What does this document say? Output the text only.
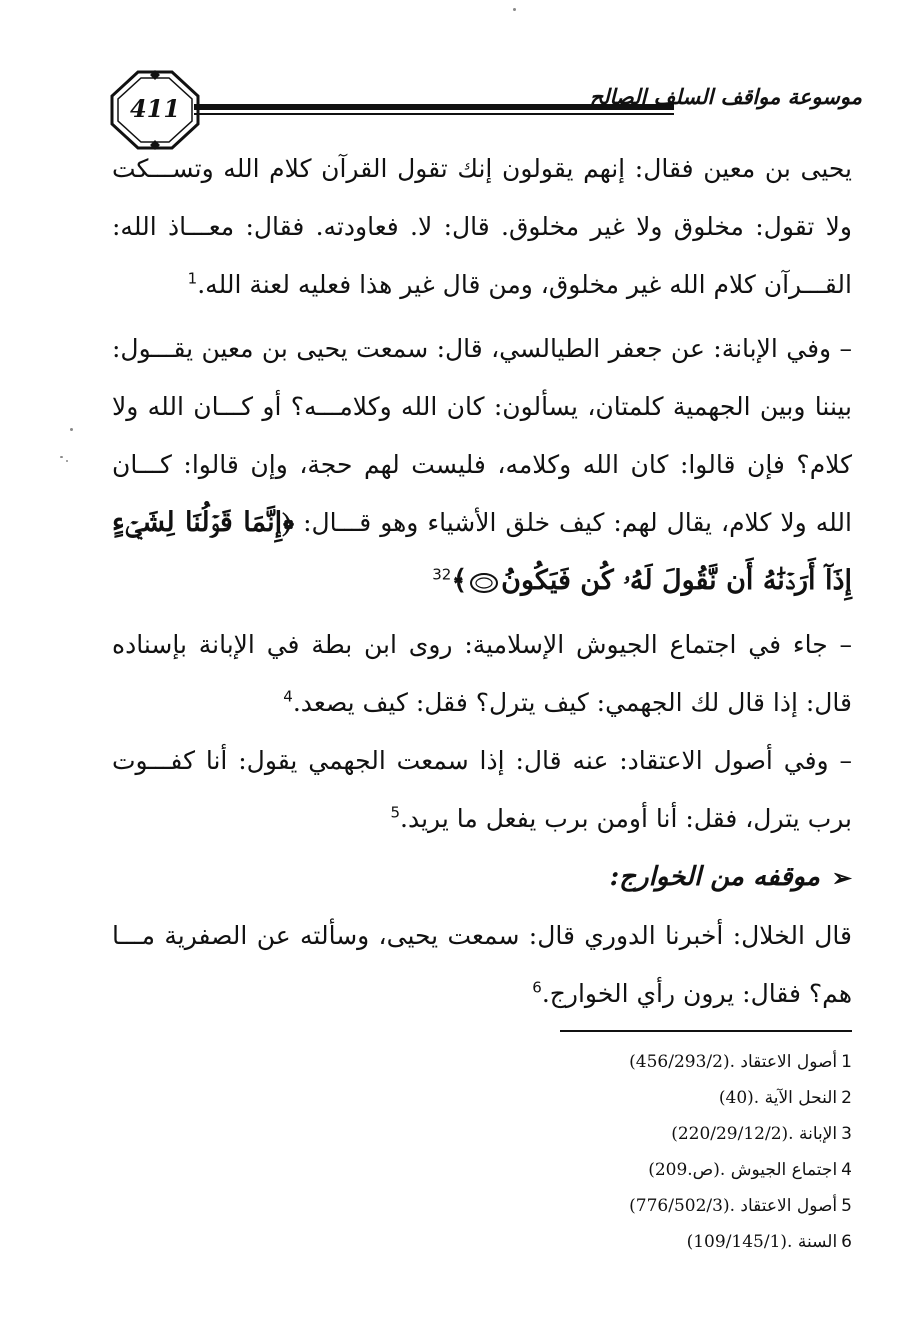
411	موسوعة مواقف السلف الصالح

يحيى بن معين فقال: إنهم يقولون إنك تقول القرآن كلام الله وتســـكت ولا تقول: مخلوق ولا غير مخلوق. قال: لا. فعاودته. فقال: معـــاذ الله: القـــرآن كلام الله غير مخلوق، ومن قال غير هذا فعليه لعنة الله.$^1$

– وفي الإبانة: عن جعفر الطيالسي، قال: سمعت يحيى بن معين يقـــول: بيننا وبين الجهمية كلمتان، يسألون: كان الله وكلامـــه؟ أو كـــان الله ولا كلام؟ فإن قالوا: كان الله وكلامه، فليست لهم حجة، وإن قالوا: كـــان الله ولا كلام، يقال لهم: كيف خلق الأشياء وهو قـــال: ﴿إِنَّمَا قَوۡلُنَا لِشَيۡءٍ إِذَآ أَرَدۡنَٰهُ أَن نَّقُولَ لَهُۥ كُن فَيَكُونُ﴾$^{23}$

– جاء في اجتماع الجيوش الإسلامية: روى ابن بطة في الإبانة بإسناده قال: إذا قال لك الجهمي: كيف يترل؟ فقل: كيف يصعد.$^4$

– وفي أصول الاعتقاد: عنه قال: إذا سمعت الجهمي يقول: أنا كفـــوت برب يترل، فقل: أنا أومن برب يفعل ما يريد.$^5$

➢موقفه من الخوارج:

قال الخلال: أخبرنا الدوري قال: سمعت يحيى، وسألته عن الصفرية مـــا هم؟ فقال: يرون رأي الخوارج.$^6$

1أصول الاعتقاد (456/293/2).
2النحل الآية (40).
3الإبانة (220/29/12/2).
4اجتماع الجيوش (ص.209).
5أصول الاعتقاد (776/502/3).
6السنة (109/145/1).
